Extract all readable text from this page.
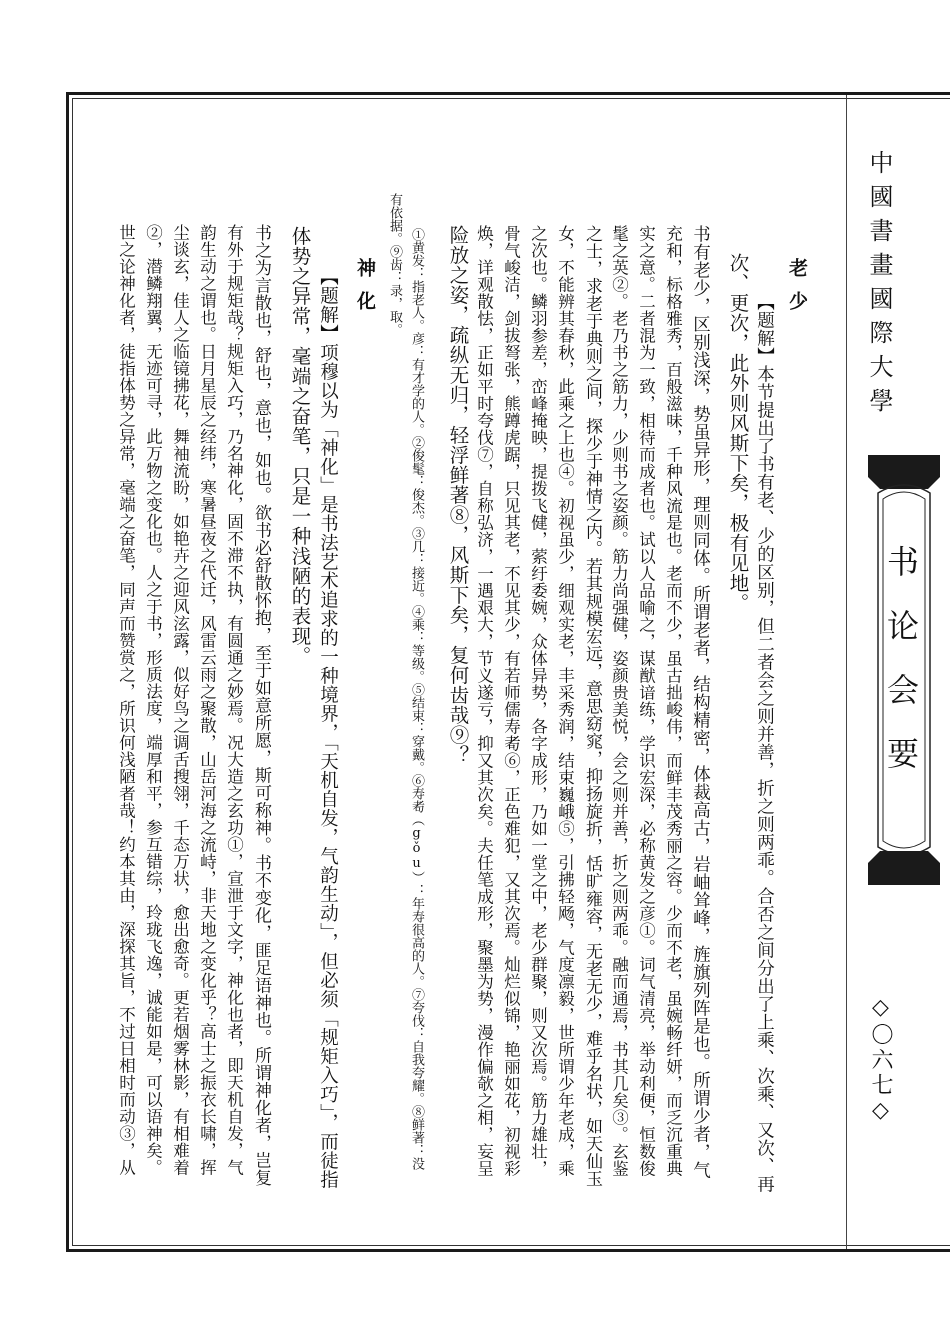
中國書畫國際大學
书论会要
◇〇六七◇
老少
【题解】本节提出了书有老、少的区别，但二者会之则并善，折之则两乖。合否之间分出了上乘、次乘、又次、再
次、更次，此外则风斯下矣，极有见地。
书有老少，区别浅深，势虽异形，理则同体。所谓老者，结构精密，体裁高古，岩岫耸峰，旌旗列阵是也。所谓少者，气
充和，标格雅秀，百般滋味，千种风流是也。老而不少，虽古拙峻伟，而鲜丰茂秀丽之容。少而不老，虽婉畅纤妍，而乏沉重典
实之意。二者混为一致，相待而成者也。试以人品喻之，谋猷谙练，学识宏深，必称黄发之彦①。词气清亮，举动利便，恒数俊
髦之英②。老乃书之筋力，少则书之姿颜。筋力尚强健，姿颜贵美悦，会之则并善，折之则两乖。融而通焉，书其几矣③。玄鉴
之士，求老于典则之间，探少于神情之内。若其规模宏远，意思窈窕，抑扬旋折，恬旷雍容，无老无少，难乎名状，如天仙玉
女，不能辨其春秋，此乘之上也④。初视虽少，细观实老，丰采秀润，结束巍峨⑤，引拂轻飏，气度凛毅，世所谓少年老成，乘
之次也。鳞羽参差，峦峰掩映，提拨飞健，萦纡委婉，众体异势，各字成形，乃如一堂之中，老少群聚，则又次焉。筋力雄壮，
骨气峻洁，剑拔弩张，熊蹲虎踞，只见其老，不见其少，有若师儒寿耇⑥，正色难犯，又其次焉。灿烂似锦，艳丽如花，初视彩
焕，详观散怯，正如平时夸伐⑦，自称弘济，一遇艰大，节义遂亏，抑又其次矣。夫任笔成形，聚墨为势，漫作偏欹之相，妄呈
险放之姿，疏纵无归，轻浮鲜著⑧，风斯下矣，复何齿哉⑨？
①黄发：指老人。彦：有才学的人。②俊髦：俊杰。③几：接近。④乘：等级。⑤结束：穿戴。⑥寿耇（gǒu）：年寿很高的人。⑦夸伐：自我夸耀。⑧鲜著：没
有依据。⑨齿：录，取。
神化
【题解】项穆以为「神化」是书法艺术追求的一种境界，「天机自发，气韵生动」，但必须「规矩入巧」，而徒指
体势之异常，毫端之奋笔，只是一种浅陋的表现。
书之为言散也，舒也，意也，如也。欲书必舒散怀抱，至于如意所愿，斯可称神。书不变化，匪足语神也。所谓神化者，岂复
有外于规矩哉？规矩入巧，乃名神化，固不滞不执，有圆通之妙焉。况大造之玄功①，宣泄于文字，神化也者，即天机自发，气
韵生动之谓也。日月星辰之经纬，寒暑昼夜之代迁，风雷云雨之聚散，山岳河海之流峙，非天地之变化乎？高士之振衣长啸，挥
尘谈玄，佳人之临镜拂花，舞袖流盼，如艳卉之迎风泫露，似好鸟之调舌搜翎，千态万状，愈出愈奇。更若烟雾林影，有相难着
②，潜鳞翔翼，无迹可寻，此万物之变化也。人之于书，形质法度，端厚和平，参互错综，玲珑飞逸，诚能如是，可以语神矣。
世之论神化者，徒指体势之异常，毫端之奋笔，同声而赞赏之，所识何浅陋者哉！约本其由，深探其旨，不过日相时而动③，从
